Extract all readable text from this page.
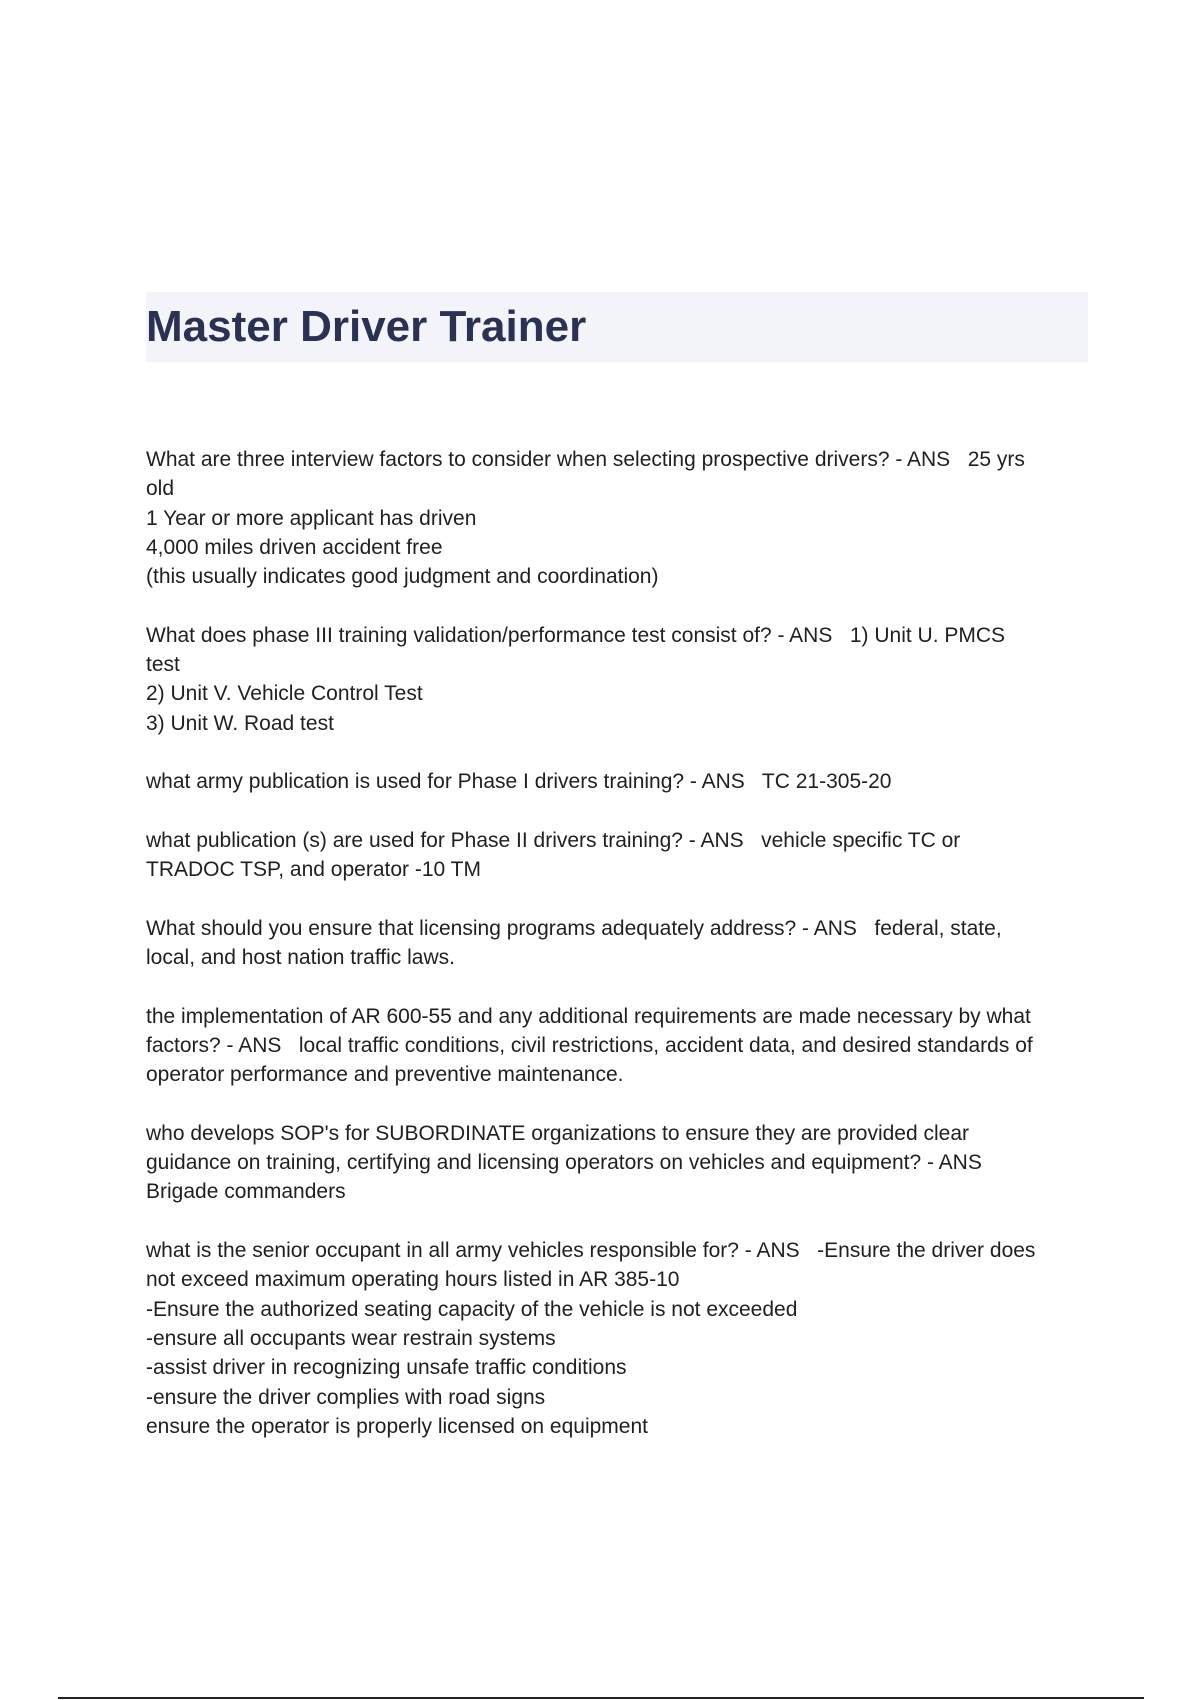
Master Driver Trainer
What are three interview factors to consider when selecting prospective drivers? - ANS   25 yrs
old
1 Year or more applicant has driven
4,000 miles driven accident free
(this usually indicates good judgment and coordination)
What does phase III training validation/performance test consist of? - ANS   1) Unit U. PMCS
test
2) Unit V. Vehicle Control Test
3) Unit W. Road test
what army publication is used for Phase I drivers training? - ANS   TC 21-305-20
what publication (s) are used for Phase II drivers training? - ANS   vehicle specific TC or
TRADOC TSP, and operator -10 TM
What should you ensure that licensing programs adequately address? - ANS   federal, state,
local, and host nation traffic laws.
the implementation of AR 600-55 and any additional requirements are made necessary by what
factors? - ANS   local traffic conditions, civil restrictions, accident data, and desired standards of
operator performance and preventive maintenance.
who develops SOP's for SUBORDINATE organizations to ensure they are provided clear
guidance on training, certifying and licensing operators on vehicles and equipment? - ANS
Brigade commanders
what is the senior occupant in all army vehicles responsible for? - ANS   -Ensure the driver does
not exceed maximum operating hours listed in AR 385-10
-Ensure the authorized seating capacity of the vehicle is not exceeded
-ensure all occupants wear restrain systems
-assist driver in recognizing unsafe traffic conditions
-ensure the driver complies with road signs
ensure the operator is properly licensed on equipment
